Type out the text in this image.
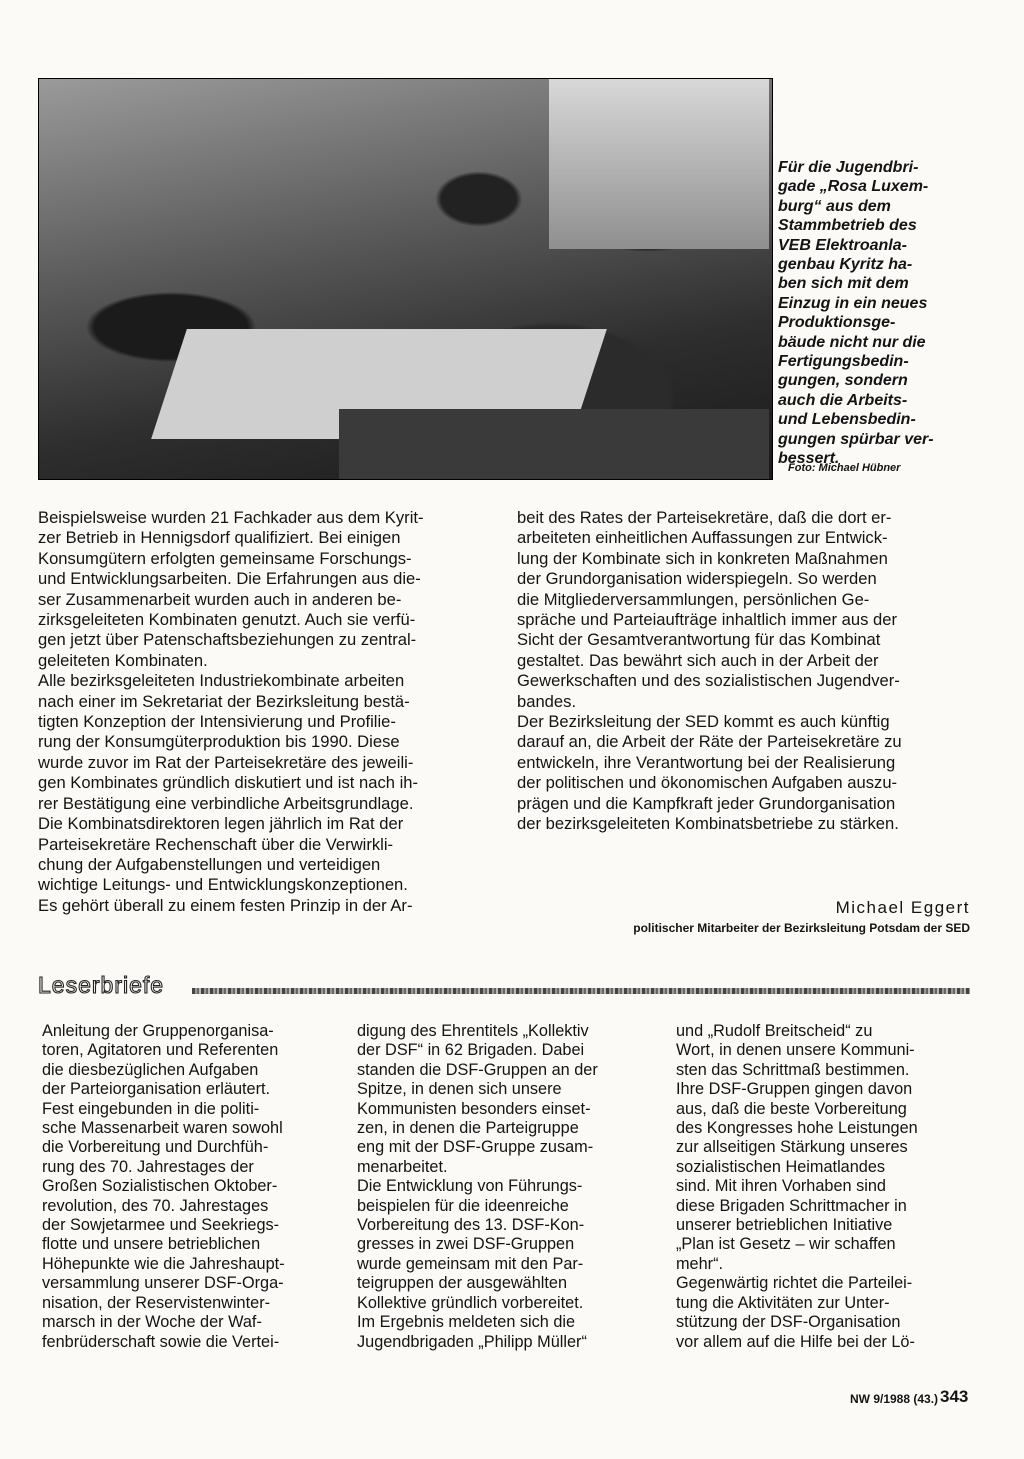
Für die Jugendbri-

gade „Rosa Luxem-

burg“ aus dem

Stammbetrieb des

VEB Elektroanla-

genbau Kyritz ha-

ben sich mit dem

Einzug in ein neues

Produktionsge-

bäude nicht nur die

Fertigungsbedin-

gungen, sondern

auch die Arbeits-

und Lebensbedin-

gungen spürbar ver-

bessert.

Foto: Michael Hübner

Beispielsweise wurden 21 Fachkader aus dem Kyrit-

zer Betrieb in Hennigsdorf qualifiziert. Bei einigen

Konsumgütern erfolgten gemeinsame Forschungs-

und Entwicklungsarbeiten. Die Erfahrungen aus die-

ser Zusammenarbeit wurden auch in anderen be-

zirksgeleiteten Kombinaten genutzt. Auch sie verfü-

gen jetzt über Patenschaftsbeziehungen zu zentral-

geleiteten Kombinaten.

Alle bezirksgeleiteten Industriekombinate arbeiten

nach einer im Sekretariat der Bezirksleitung bestä-

tigten Konzeption der Intensivierung und Profilie-

rung der Konsumgüterproduktion bis 1990. Diese

wurde zuvor im Rat der Parteisekretäre des jeweili-

gen Kombinates gründlich diskutiert und ist nach ih-

rer Bestätigung eine verbindliche Arbeitsgrundlage.

Die Kombinatsdirektoren legen jährlich im Rat der

Parteisekretäre Rechenschaft über die Verwirkli-

chung der Aufgabenstellungen und verteidigen

wichtige Leitungs- und Entwicklungskonzeptionen.

Es gehört überall zu einem festen Prinzip in der Ar-

beit des Rates der Parteisekretäre, daß die dort er-

arbeiteten einheitlichen Auffassungen zur Entwick-

lung der Kombinate sich in konkreten Maßnahmen

der Grundorganisation widerspiegeln. So werden

die Mitgliederversammlungen, persönlichen Ge-

spräche und Parteiaufträge inhaltlich immer aus der

Sicht der Gesamtverantwortung für das Kombinat

gestaltet. Das bewährt sich auch in der Arbeit der

Gewerkschaften und des sozialistischen Jugendver-

bandes.

Der Bezirksleitung der SED kommt es auch künftig

darauf an, die Arbeit der Räte der Parteisekretäre zu

entwickeln, ihre Verantwortung bei der Realisierung

der politischen und ökonomischen Aufgaben auszu-

prägen und die Kampfkraft jeder Grundorganisation

der bezirksgeleiteten Kombinatsbetriebe zu stärken.

Michael Eggert
politischer Mitarbeiter der Bezirksleitung Potsdam der SED
Leserbriefe

Anleitung der Gruppenorganisa-

toren, Agitatoren und Referenten

die diesbezüglichen Aufgaben

der Parteiorganisation erläutert.

Fest eingebunden in die politi-

sche Massenarbeit waren sowohl

die Vorbereitung und Durchfüh-

rung des 70. Jahrestages der

Großen Sozialistischen Oktober-

revolution, des 70. Jahrestages

der Sowjetarmee und Seekriegs-

flotte und unsere betrieblichen

Höhepunkte wie die Jahreshaupt-

versammlung unserer DSF-Orga-

nisation, der Reservistenwinter-

marsch in der Woche der Waf-

fenbrüderschaft sowie die Vertei-

digung des Ehrentitels „Kollektiv

der DSF“ in 62 Brigaden. Dabei

standen die DSF-Gruppen an der

Spitze, in denen sich unsere

Kommunisten besonders einset-

zen, in denen die Parteigruppe

eng mit der DSF-Gruppe zusam-

menarbeitet.

Die Entwicklung von Führungs-

beispielen für die ideenreiche

Vorbereitung des 13. DSF-Kon-

gresses in zwei DSF-Gruppen

wurde gemeinsam mit den Par-

teigruppen der ausgewählten

Kollektive gründlich vorbereitet.

Im Ergebnis meldeten sich die

Jugendbrigaden „Philipp Müller“

und „Rudolf Breitscheid“ zu

Wort, in denen unsere Kommuni-

sten das Schrittmaß bestimmen.

Ihre DSF-Gruppen gingen davon

aus, daß die beste Vorbereitung

des Kongresses hohe Leistungen

zur allseitigen Stärkung unseres

sozialistischen Heimatlandes

sind. Mit ihren Vorhaben sind

diese Brigaden Schrittmacher in

unserer betrieblichen Initiative

„Plan ist Gesetz – wir schaffen

mehr“.

Gegenwärtig richtet die Parteilei-

tung die Aktivitäten zur Unter-

stützung der DSF-Organisation

vor allem auf die Hilfe bei der Lö-

NW 9/1988 (43.) 343
